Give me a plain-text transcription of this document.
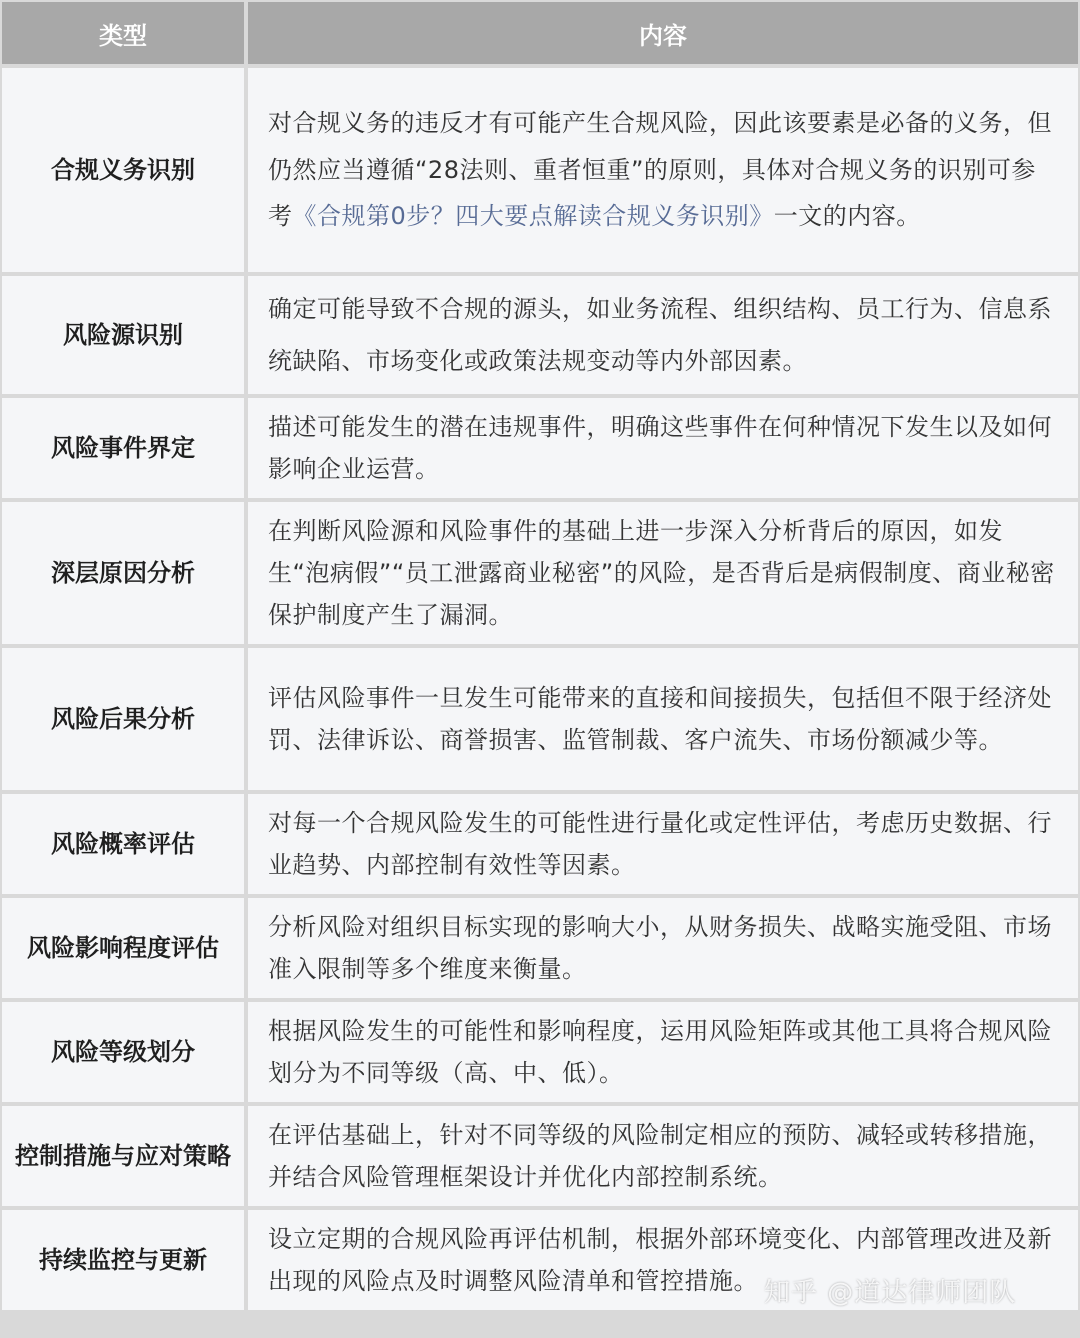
类型	内容
合规义务识别	对合规义务的违反才有可能产生合规风险，因此该要素是必备的义务，但仍然应当遵循“28法则、重者恒重”的原则，具体对合规义务的识别可参考《合规第0步？四大要点解读合规义务识别》一文的内容。
风险源识别	确定可能导致不合规的源头，如业务流程、组织结构、员工行为、信息系统缺陷、市场变化或政策法规变动等内外部因素。
风险事件界定	描述可能发生的潜在违规事件，明确这些事件在何种情况下发生以及如何影响企业运营。
深层原因分析	在判断风险源和风险事件的基础上进一步深入分析背后的原因，如发生“泡病假”“员工泄露商业秘密”的风险，是否背后是病假制度、商业秘密保护制度产生了漏洞。
风险后果分析	评估风险事件一旦发生可能带来的直接和间接损失，包括但不限于经济处罚、法律诉讼、商誉损害、监管制裁、客户流失、市场份额减少等。
风险概率评估	对每一个合规风险发生的可能性进行量化或定性评估，考虑历史数据、行业趋势、内部控制有效性等因素。
风险影响程度评估	分析风险对组织目标实现的影响大小，从财务损失、战略实施受阻、市场准入限制等多个维度来衡量。
风险等级划分	根据风险发生的可能性和影响程度，运用风险矩阵或其他工具将合规风险划分为不同等级（高、中、低）。
控制措施与应对策略	在评估基础上，针对不同等级的风险制定相应的预防、减轻或转移措施，并结合风险管理框架设计并优化内部控制系统。
持续监控与更新	设立定期的合规风险再评估机制，根据外部环境变化、内部管理改进及新出现的风险点及时调整风险清单和管控措施。 知乎 @道达律师团队
